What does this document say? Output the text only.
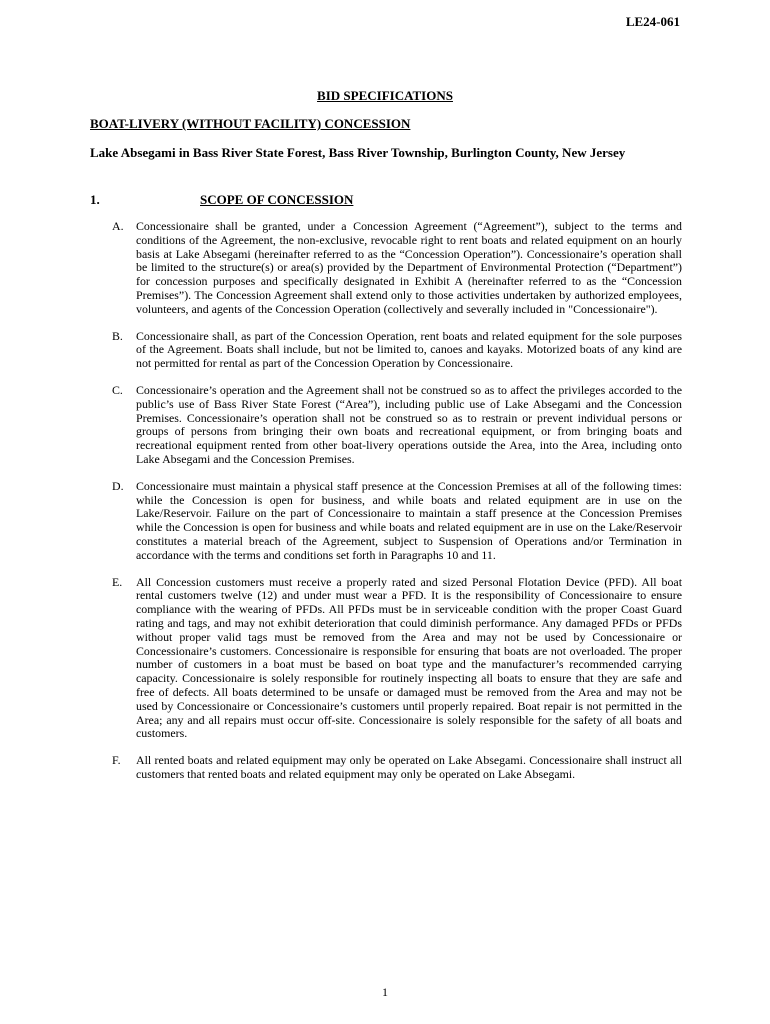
LE24-061
BID SPECIFICATIONS
BOAT-LIVERY (WITHOUT FACILITY) CONCESSION
Lake Absegami in Bass River State Forest, Bass River Township, Burlington County, New Jersey
1.	SCOPE OF CONCESSION
A.	Concessionaire shall be granted, under a Concession Agreement (“Agreement”), subject to the terms and conditions of the Agreement, the non-exclusive, revocable right to rent boats and related equipment on an hourly basis at Lake Absegami (hereinafter referred to as the “Concession Operation”). Concessionaire’s operation shall be limited to the structure(s) or area(s) provided by the Department of Environmental Protection (“Department”) for concession purposes and specifically designated in Exhibit A (hereinafter referred to as the “Concession Premises”). The Concession Agreement shall extend only to those activities undertaken by authorized employees, volunteers, and agents of the Concession Operation (collectively and severally included in "Concessionaire").
B.	Concessionaire shall, as part of the Concession Operation, rent boats and related equipment for the sole purposes of the Agreement. Boats shall include, but not be limited to, canoes and kayaks. Motorized boats of any kind are not permitted for rental as part of the Concession Operation by Concessionaire.
C.	Concessionaire’s operation and the Agreement shall not be construed so as to affect the privileges accorded to the public’s use of Bass River State Forest (“Area”), including public use of Lake Absegami and the Concession Premises. Concessionaire’s operation shall not be construed so as to restrain or prevent individual persons or groups of persons from bringing their own boats and recreational equipment, or from bringing boats and recreational equipment rented from other boat-livery operations outside the Area, into the Area, including onto Lake Absegami and the Concession Premises.
D.	Concessionaire must maintain a physical staff presence at the Concession Premises at all of the following times: while the Concession is open for business, and while boats and related equipment are in use on the Lake/Reservoir. Failure on the part of Concessionaire to maintain a staff presence at the Concession Premises while the Concession is open for business and while boats and related equipment are in use on the Lake/Reservoir constitutes a material breach of the Agreement, subject to Suspension of Operations and/or Termination in accordance with the terms and conditions set forth in Paragraphs 10 and 11.
E.	All Concession customers must receive a properly rated and sized Personal Flotation Device (PFD). All boat rental customers twelve (12) and under must wear a PFD. It is the responsibility of Concessionaire to ensure compliance with the wearing of PFDs. All PFDs must be in serviceable condition with the proper Coast Guard rating and tags, and may not exhibit deterioration that could diminish performance. Any damaged PFDs or PFDs without proper valid tags must be removed from the Area and may not be used by Concessionaire or Concessionaire’s customers. Concessionaire is responsible for ensuring that boats are not overloaded. The proper number of customers in a boat must be based on boat type and the manufacturer’s recommended carrying capacity. Concessionaire is solely responsible for routinely inspecting all boats to ensure that they are safe and free of defects. All boats determined to be unsafe or damaged must be removed from the Area and may not be used by Concessionaire or Concessionaire’s customers until properly repaired. Boat repair is not permitted in the Area; any and all repairs must occur off-site. Concessionaire is solely responsible for the safety of all boats and customers.
F.	All rented boats and related equipment may only be operated on Lake Absegami. Concessionaire shall instruct all customers that rented boats and related equipment may only be operated on Lake Absegami.
1
